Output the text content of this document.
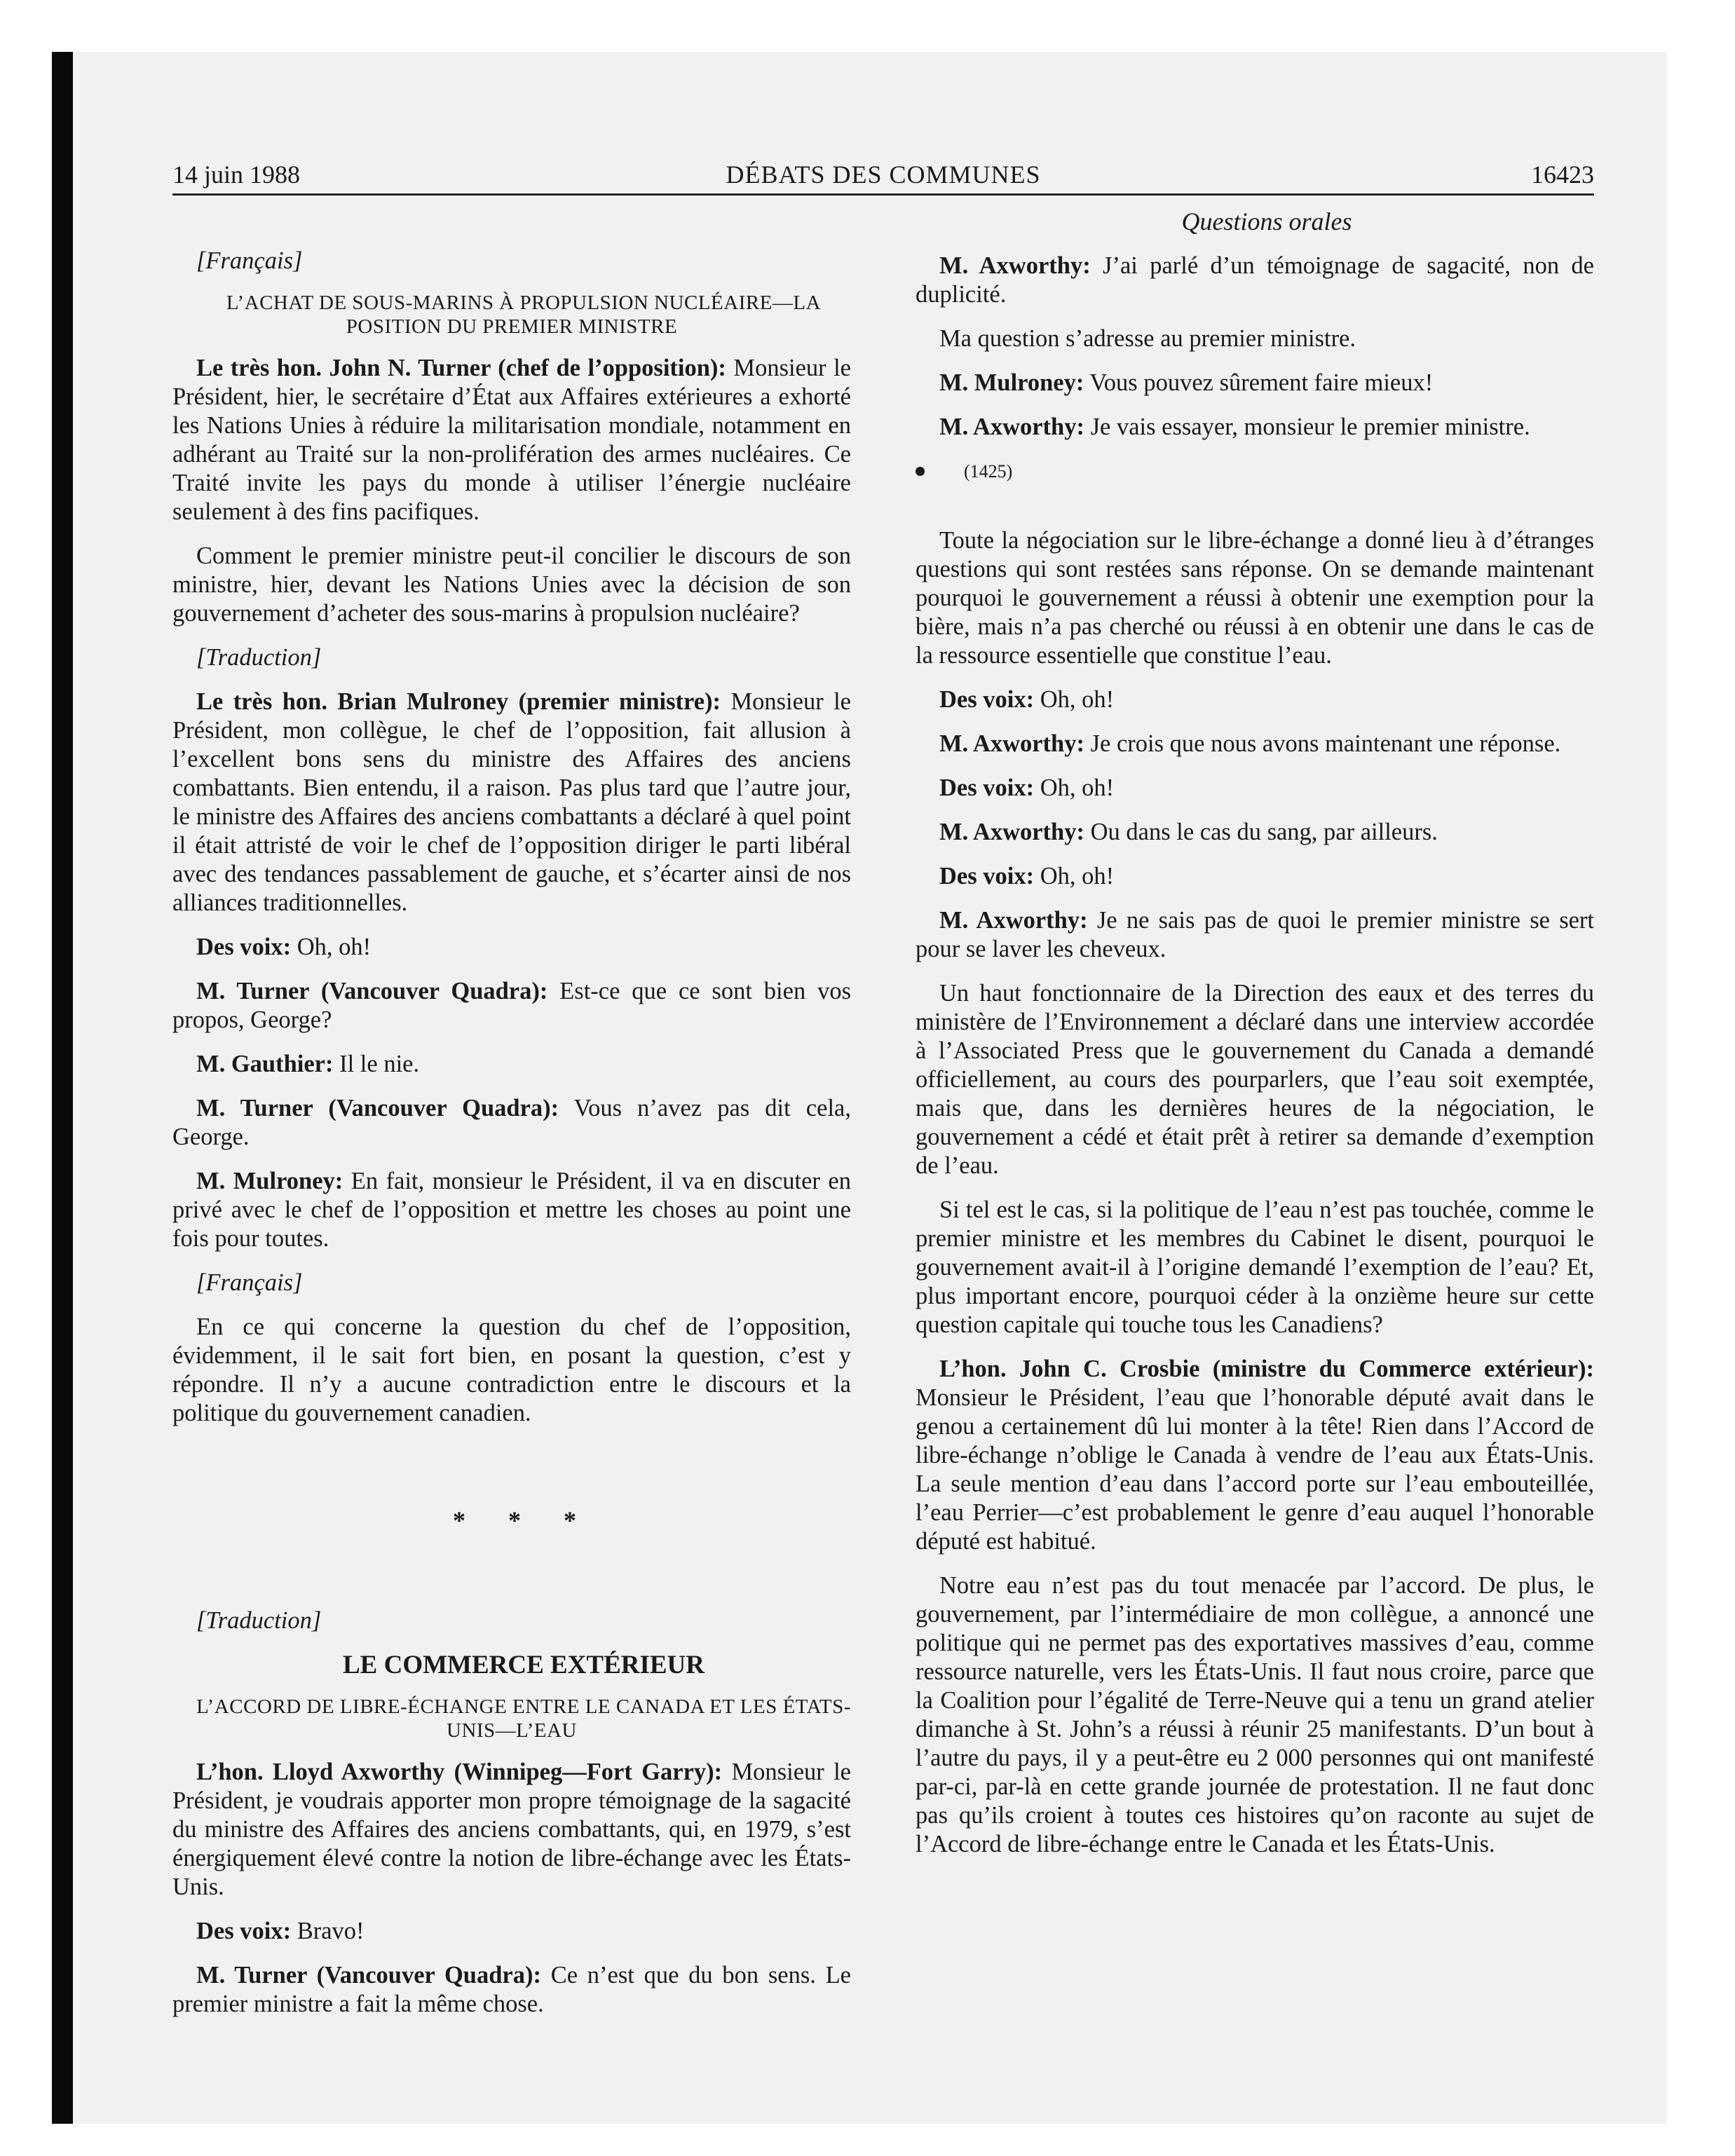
14 juin 1988	DÉBATS DES COMMUNES	16423

[Français]

L’ACHAT DE SOUS-MARINS À PROPULSION NUCLÉAIRE—LA POSITION DU PREMIER MINISTRE

Le très hon. John N. Turner (chef de l’opposition): Monsieur le Président, hier, le secrétaire d’État aux Affaires extérieures a exhorté les Nations Unies à réduire la militarisation mondiale, notamment en adhérant au Traité sur la non-prolifération des armes nucléaires. Ce Traité invite les pays du monde à utiliser l’énergie nucléaire seulement à des fins pacifiques.

Comment le premier ministre peut-il concilier le discours de son ministre, hier, devant les Nations Unies avec la décision de son gouvernement d’acheter des sous-marins à propulsion nucléaire?

[Traduction]

Le très hon. Brian Mulroney (premier ministre): Monsieur le Président, mon collègue, le chef de l’opposition, fait allusion à l’excellent bons sens du ministre des Affaires des anciens combattants. Bien entendu, il a raison. Pas plus tard que l’autre jour, le ministre des Affaires des anciens combattants a déclaré à quel point il était attristé de voir le chef de l’opposition diriger le parti libéral avec des tendances passablement de gauche, et s’écarter ainsi de nos alliances traditionnelles.

Des voix: Oh, oh!

M. Turner (Vancouver Quadra): Est-ce que ce sont bien vos propos, George?

M. Gauthier: Il le nie.

M. Turner (Vancouver Quadra): Vous n’avez pas dit cela, George.

M. Mulroney: En fait, monsieur le Président, il va en discuter en privé avec le chef de l’opposition et mettre les choses au point une fois pour toutes.

[Français]

En ce qui concerne la question du chef de l’opposition, évidemment, il le sait fort bien, en posant la question, c’est y répondre. Il n’y a aucune contradiction entre le discours et la politique du gouvernement canadien.

* * *

[Traduction]

LE COMMERCE EXTÉRIEUR

L’ACCORD DE LIBRE-ÉCHANGE ENTRE LE CANADA ET LES ÉTATS-UNIS—L’EAU

L’hon. Lloyd Axworthy (Winnipeg—Fort Garry): Monsieur le Président, je voudrais apporter mon propre témoignage de la sagacité du ministre des Affaires des anciens combattants, qui, en 1979, s’est énergiquement élevé contre la notion de libre-échange avec les États-Unis.

Des voix: Bravo!

M. Turner (Vancouver Quadra): Ce n’est que du bon sens. Le premier ministre a fait la même chose.

Questions orales

M. Axworthy: J’ai parlé d’un témoignage de sagacité, non de duplicité.

Ma question s’adresse au premier ministre.

M. Mulroney: Vous pouvez sûrement faire mieux!

M. Axworthy: Je vais essayer, monsieur le premier ministre.

(1425)

Toute la négociation sur le libre-échange a donné lieu à d’étranges questions qui sont restées sans réponse. On se demande maintenant pourquoi le gouvernement a réussi à obtenir une exemption pour la bière, mais n’a pas cherché ou réussi à en obtenir une dans le cas de la ressource essentielle que constitue l’eau.

Des voix: Oh, oh!

M. Axworthy: Je crois que nous avons maintenant une réponse.

Des voix: Oh, oh!

M. Axworthy: Ou dans le cas du sang, par ailleurs.

Des voix: Oh, oh!

M. Axworthy: Je ne sais pas de quoi le premier ministre se sert pour se laver les cheveux.

Un haut fonctionnaire de la Direction des eaux et des terres du ministère de l’Environnement a déclaré dans une interview accordée à l’Associated Press que le gouvernement du Canada a demandé officiellement, au cours des pourparlers, que l’eau soit exemptée, mais que, dans les dernières heures de la négociation, le gouvernement a cédé et était prêt à retirer sa demande d’exemption de l’eau.

Si tel est le cas, si la politique de l’eau n’est pas touchée, comme le premier ministre et les membres du Cabinet le disent, pourquoi le gouvernement avait-il à l’origine demandé l’exemption de l’eau? Et, plus important encore, pourquoi céder à la onzième heure sur cette question capitale qui touche tous les Canadiens?

L’hon. John C. Crosbie (ministre du Commerce extérieur): Monsieur le Président, l’eau que l’honorable député avait dans le genou a certainement dû lui monter à la tête! Rien dans l’Accord de libre-échange n’oblige le Canada à vendre de l’eau aux États-Unis. La seule mention d’eau dans l’accord porte sur l’eau embouteillée, l’eau Perrier—c’est probablement le genre d’eau auquel l’honorable député est habitué.

Notre eau n’est pas du tout menacée par l’accord. De plus, le gouvernement, par l’intermédiaire de mon collègue, a annoncé une politique qui ne permet pas des exportatives massives d’eau, comme ressource naturelle, vers les États-Unis. Il faut nous croire, parce que la Coalition pour l’égalité de Terre-Neuve qui a tenu un grand atelier dimanche à St. John’s a réussi à réunir 25 manifestants. D’un bout à l’autre du pays, il y a peut-être eu 2 000 personnes qui ont manifesté par-ci, par-là en cette grande journée de protestation. Il ne faut donc pas qu’ils croient à toutes ces histoires qu’on raconte au sujet de l’Accord de libre-échange entre le Canada et les États-Unis.
